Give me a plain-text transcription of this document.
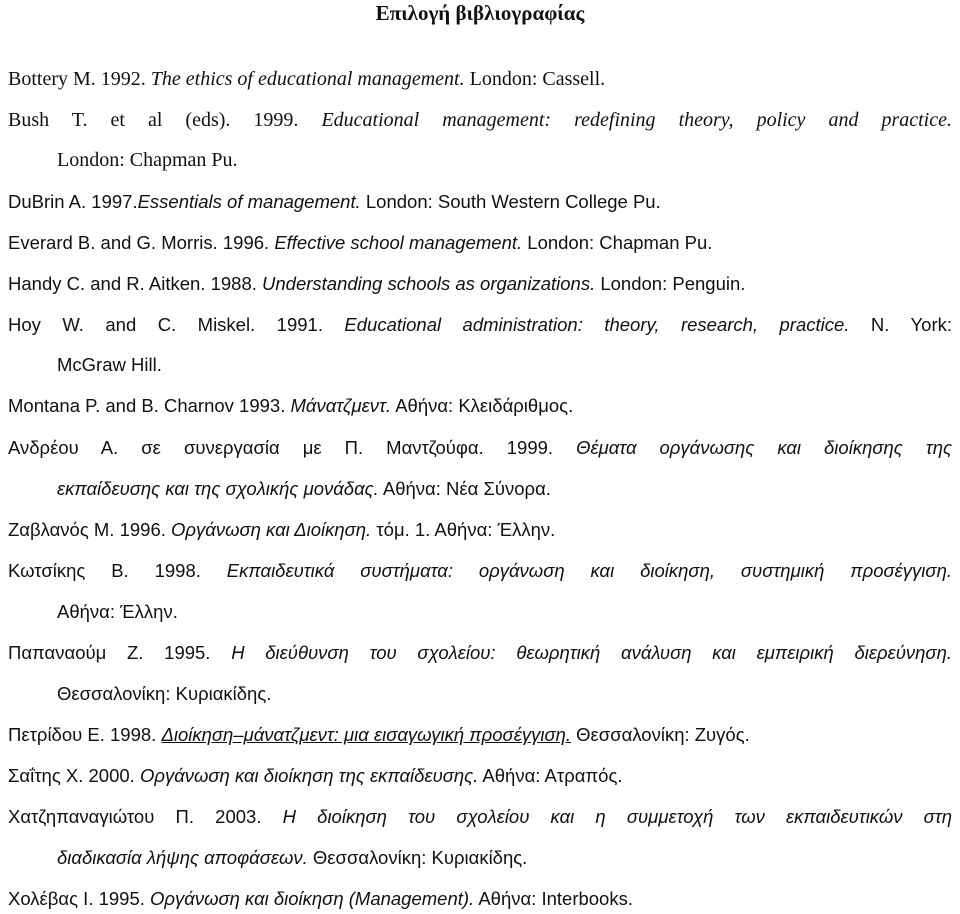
Επιλογή βιβλιογραφίας
Bottery M. 1992. The ethics of educational management. London: Cassell.
Bush T. et al (eds). 1999. Educational management: redefining theory, policy and practice.
London: Chapman Pu.
DuBrin A. 1997.Essentials of management. London: South Western College Pu.
Everard B. and G. Morris. 1996. Effective school management. London: Chapman Pu.
Handy C. and R. Aitken. 1988. Understanding schools as organizations. London: Penguin.
Hoy W. and C. Miskel. 1991. Educational administration: theory, research, practice. N. York:
McGraw Hill.
Montana P. and B. Charnov 1993. Μάνατζμεντ. Αθήνα: Κλειδάριθμος.
Ανδρέου Α. σε συνεργασία με Π. Μαντζούφα. 1999. Θέματα οργάνωσης και διοίκησης της
εκπαίδευσης και της σχολικής μονάδας. Αθήνα: Νέα Σύνορα.
Ζαβλανός Μ. 1996. Οργάνωση και Διοίκηση. τόμ. 1. Αθήνα: Έλλην.
Κωτσίκης Β. 1998. Εκπαιδευτικά συστήματα: οργάνωση και διοίκηση, συστημική προσέγγιση.
Αθήνα: Έλλην.
Παπαναούμ Ζ. 1995. Η διεύθυνση του σχολείου: θεωρητική ανάλυση και εμπειρική διερεύνηση.
Θεσσαλονίκη: Κυριακίδης.
Πετρίδου Ε. 1998. Διοίκηση–μάνατζμεντ: μια εισαγωγική προσέγγιση. Θεσσαλονίκη: Ζυγός.
Σαΐτης Χ. 2000. Οργάνωση και διοίκηση της εκπαίδευσης. Αθήνα: Ατραπός.
Χατζηπαναγιώτου Π. 2003. Η διοίκηση του σχολείου και η συμμετοχή των εκπαιδευτικών στη
διαδικασία λήψης αποφάσεων. Θεσσαλονίκη: Κυριακίδης.
Χολέβας Ι. 1995. Οργάνωση και διοίκηση (Management). Αθήνα: Interbooks.
